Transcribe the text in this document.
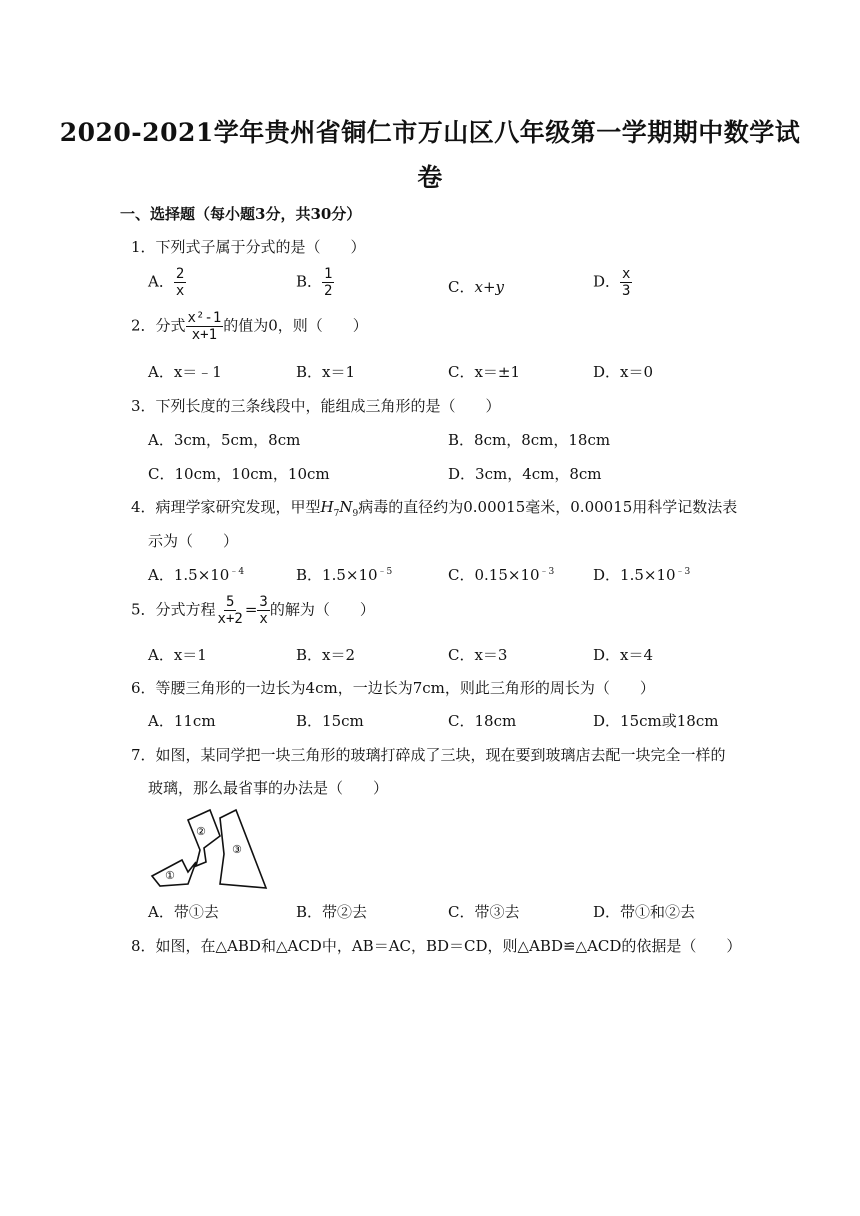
2020-2021学年贵州省铜仁市万山区八年级第一学期期中数学试
卷
一、选择题（每小题3分，共30分）
1．下列式子属于分式的是（　　）
A． $\frac{2}{x}$	B． $\frac{1}{2}$	C．x+y	D． $\frac{x}{3}$
2．分式 $\frac{\text{x²-1}}{x+1}$ 的值为0，则（　　）
A．x＝﹣1	B．x＝1	C．x＝±1	D．x＝0
3．下列长度的三条线段中，能组成三角形的是（　　）
A．3cm，5cm，8cm	B．8cm，8cm，18cm
C．10cm，10cm，10cm	D．3cm，4cm，8cm
4．病理学家研究发现，甲型$H_7N_9$病毒的直径约为0.00015毫米，0.00015用科学记数法表
示为（　　）
A．$1.5\times 10^{﹣4}$	B．$1.5\times 10^{﹣5}$	C．$0.15\times 10^{﹣3}$	D．$1.5\times 10^{﹣3}$
5．分式方程 $\frac{5}{x+2} = \frac{3}{x}$ 的解为（　　）
A．x＝1	B．x＝2	C．x＝3	D．x＝4
6．等腰三角形的一边长为4cm，一边长为7cm，则此三角形的周长为（　　）
A．11cm	B．15cm	C．18cm	D．15cm或18cm
7．如图，某同学把一块三角形的玻璃打碎成了三块，现在要到玻璃店去配一块完全一样的
玻璃，那么最省事的办法是（　　）
①
②
③
A．带①去	B．带②去	C．带③去	D．带①和②去
8．如图，在△ABD和△ACD中，AB＝AC，BD＝CD，则△ABD≌△ACD的依据是（　　）
